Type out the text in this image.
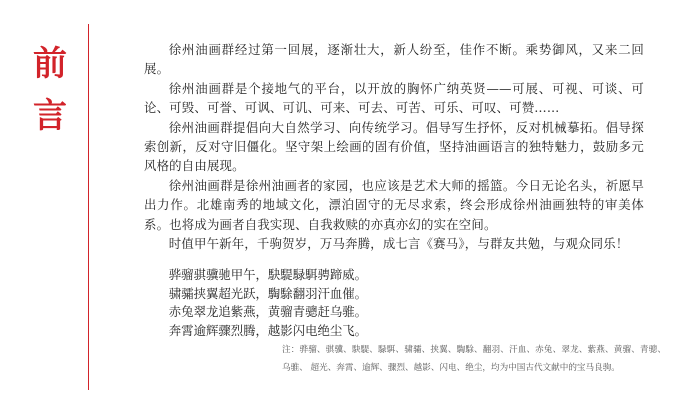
前
言

徐州油画群经过第一回展，逐渐壮大，新人纷至，佳作不断。乘势御风，又来二回展。

徐州油画群是个接地气的平台，以开放的胸怀广纳英贤——可展、可视、可谈、可论、可毁、可誉、可讽、可讥、可来、可去、可苦、可乐、可叹、可赞……

徐州油画群提倡向大自然学习、向传统学习。倡导写生抒怀，反对机械摹拓。倡导探索创新，反对守旧僵化。坚守架上绘画的固有价值，坚持油画语言的独特魅力，鼓励多元风格的自由展现。

徐州油画群是徐州油画者的家园，也应该是艺术大师的摇篮。今日无论名头，祈愿早出力作。北雄南秀的地域文化，漂泊固守的无尽求索，终会形成徐州油画独特的审美体系。也将成为画者自我实现、自我救赎的亦真亦幻的实在空间。

时值甲午新年，千驹贺岁，万马奔腾，成七言《赛马》，与群友共勉，与观众同乐！

骅骝骐骥驰甲午，駃騠騄駬骋蹄威。
骕骦挟翼超光跃，騊駼翻羽汗血催。
赤兔翠龙追紫燕，黄骝青骢赶乌骓。
奔霄逾辉骤烈腾，越影闪电绝尘飞。
注：骅骝、骐骥、駃騠、騄駬、骕骦、挟翼、騊駼、翻羽、汗血、赤兔、翠龙、紫燕、黄骝、青骢、乌骓、 超光、奔霄、逾辉、骤烈、越影、闪电、绝尘，均为中国古代文献中的宝马良驹。
